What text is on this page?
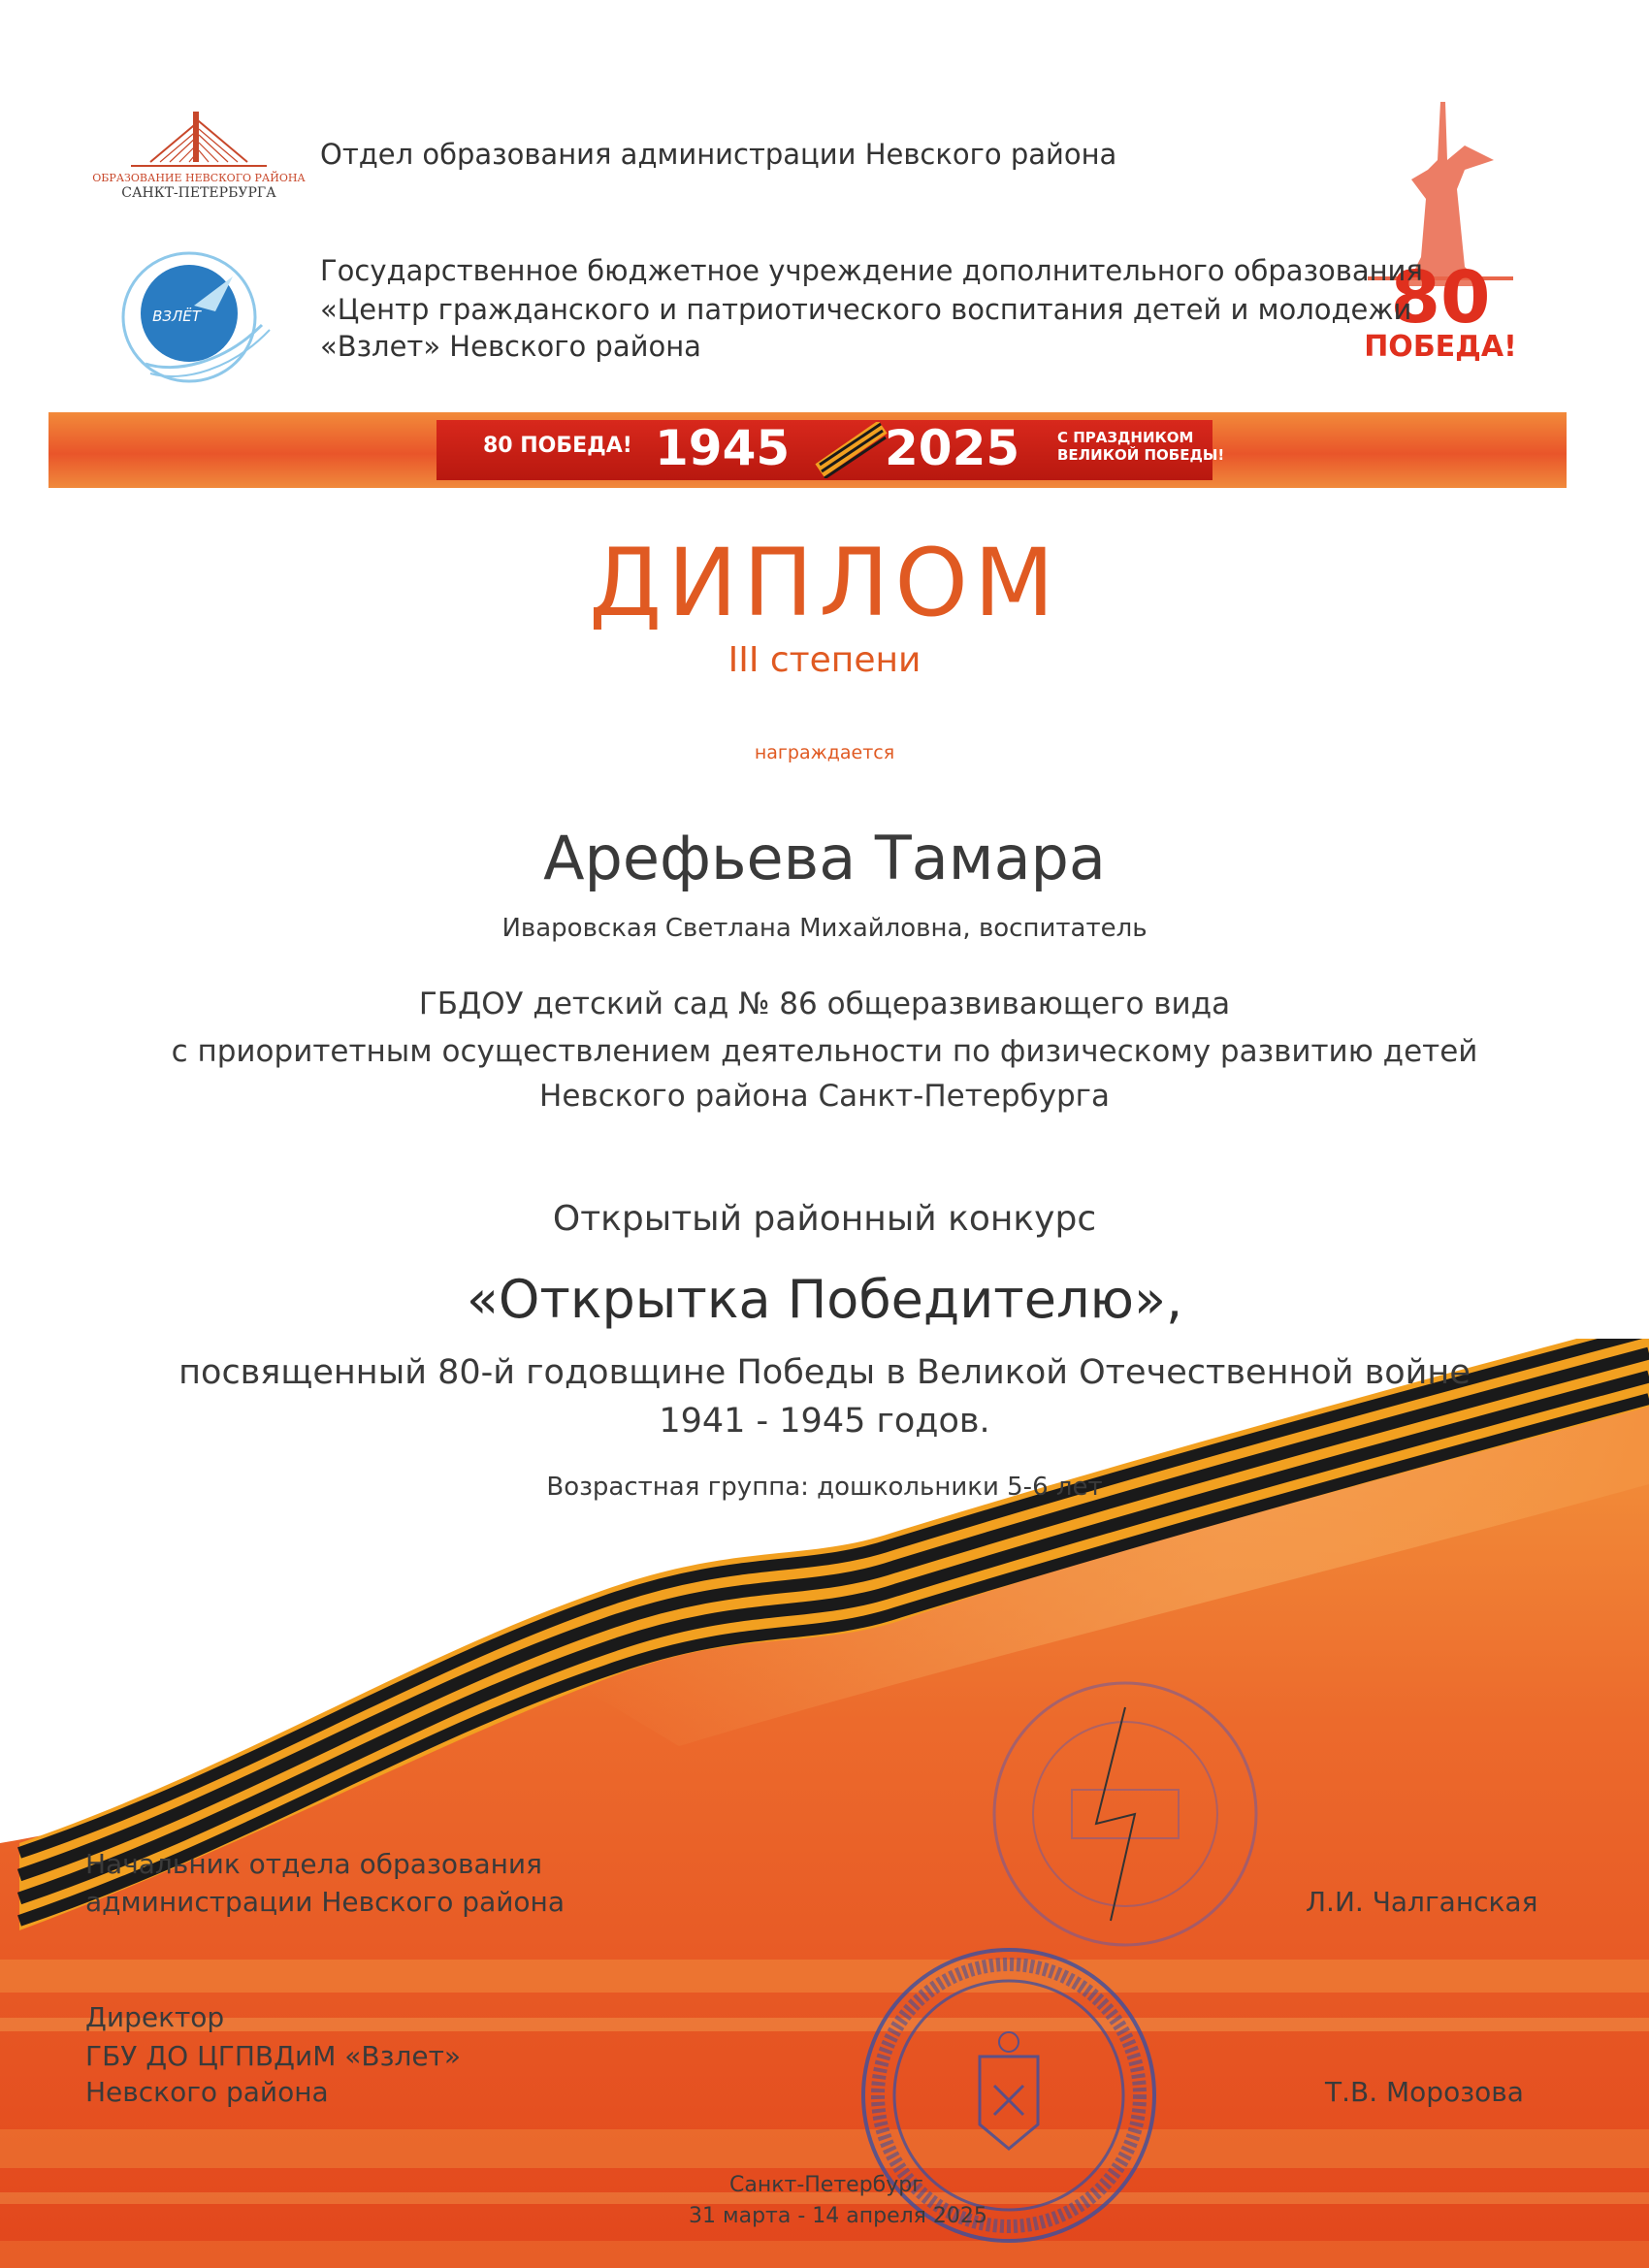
ОБРАЗОВАНИЕ НЕВСКОГО РАЙОНА
САНКТ-ПЕТЕРБУРГА
ВЗЛЁТ	80
ПОБЕДА!
Отдел образования администрации Невского района
Государственное бюджетное учреждение дополнительного образования
«Центр гражданского и патриотического воспитания детей и молодежи
«Взлет» Невского района
80 ПОБЕДА! 1945 2025	С ПРАЗДНИКОМ
ВЕЛИКОЙ ПОБЕДЫ!
ДИПЛОМ
III степени
награждается
Арефьева Тамара
Иваровская Светлана Михайловна, воспитатель
ГБДОУ детский сад № 86 общеразвивающего вида
с приоритетным осуществлением деятельности по физическому развитию детей
Невского района Санкт-Петербурга
Открытый районный конкурс
«Открытка Победителю»,
посвященный 80-й годовщине Победы в Великой Отечественной войне
1941 - 1945 годов.
Возрастная группа: дошкольники 5-6 лет
Начальник отдела образования
администрации Невского района	Л.И. Чалганская
Директор
ГБУ ДО ЦГПВДиМ «Взлет»
Невского района	Т.В. Морозова
Санкт-Петербург
31 марта - 14 апреля 2025
